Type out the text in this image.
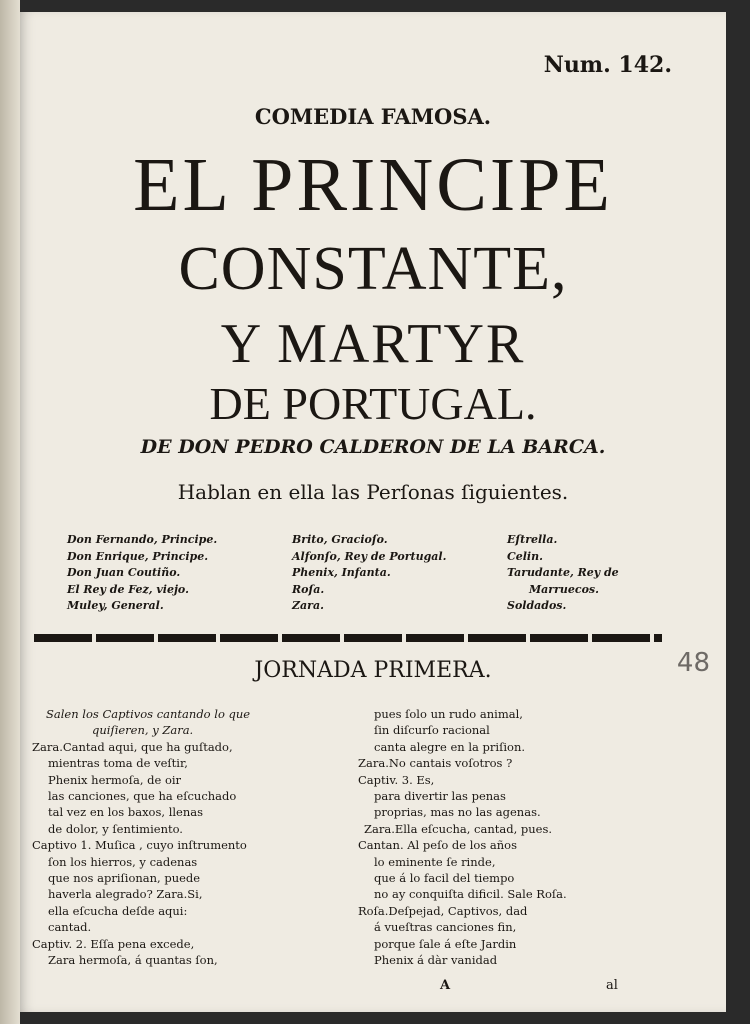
Num. 142.
COMEDIA FAMOSA.
EL PRINCIPE
CONSTANTE,
Y MARTYR
DE PORTUGAL.
DE DON PEDRO CALDERON DE LA BARCA.
Hablan en ella las Perſonas ſiguientes.
Don Fernando, Principe.
Don Enrique, Principe.
Don Juan Coutiño.
El Rey de Fez, viejo.
Muley, General.
Brito, Gracioſo.
Alfonſo, Rey de Portugal.
Phenix, Infanta.
Roſa.
Zara.
Eſtrella.
Celin.
Tarudante, Rey de
Marruecos.
Soldados.
JORNADA PRIMERA.	48
Salen los Captivos cantando lo que
quiſieren, y Zara.
Zara.Cantad aqui, que ha guſtado,
mientras toma de veſtir,
Phenix hermoſa, de oir
las canciones, que ha eſcuchado
tal vez en los baxos, llenas
de dolor, y ſentimiento.
Captivo 1. Muſica , cuyo inſtrumento
ſon los hierros, y cadenas
que nos apriſionan, puede
haverla alegrado? Zara.Si,
ella eſcucha deſde aqui:
cantad.
Captiv. 2. Eſſa pena excede,
Zara hermoſa, á quantas ſon,
pues ſolo un rudo animal,
ſin diſcurſo racional
canta alegre en la priſion.
Zara.No cantais voſotros ?
Captiv. 3. Es,
para divertir las penas
proprias, mas no las agenas.
Zara.Ella eſcucha, cantad, pues.
Cantan. Al peſo de los años
lo eminente ſe rinde,
que á lo facil del tiempo
no ay conquiſta dificil. Sale Roſa.
Roſa.Deſpejad, Captivos, dad
á vueſtras canciones fin,
porque ſale á eſte Jardin
Phenix á dàr vanidad
A	al
